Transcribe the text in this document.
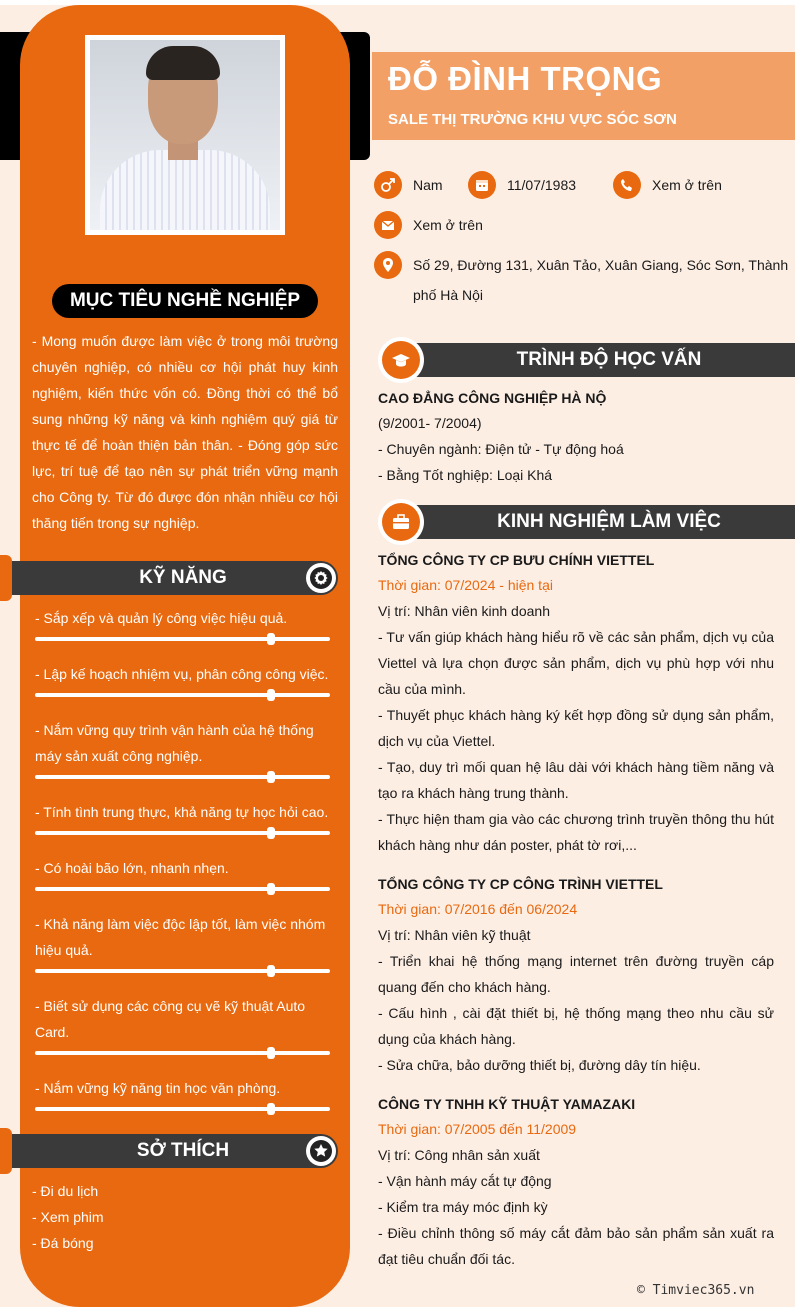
MỤC TIÊU NGHỀ NGHIỆP
- Mong muốn được làm việc ở trong môi trường chuyên nghiệp, có nhiều cơ hội phát huy kinh nghiệm, kiến thức vốn có. Đồng thời có thể bổ sung những kỹ năng và kinh nghiệm quý giá từ thực tế để hoàn thiện bản thân. - Đóng góp sức lực, trí tuệ để tạo nên sự phát triển vững mạnh cho Công ty. Từ đó được đón nhận nhiều cơ hội thăng tiến trong sự nghiệp.
KỸ NĂNG
- Sắp xếp và quản lý công việc hiệu quả.
- Lập kế hoạch nhiệm vụ, phân công công việc.
- Nắm vững quy trình vận hành của hệ thống máy sản xuất công nghiệp.
- Tính tình trung thực, khả năng tự học hỏi cao.
- Có hoài bão lớn, nhanh nhẹn.
- Khả năng làm việc độc lập tốt, làm việc nhóm hiệu quả.
- Biết sử dụng các công cụ vẽ kỹ thuật Auto Card.
- Nắm vững kỹ năng tin học văn phòng.
SỞ THÍCH
- Đi du lịch
- Xem phim
- Đá bóng
ĐỖ ĐÌNH TRỌNG
SALE THỊ TRƯỜNG KHU VỰC SÓC SƠN
Nam	11/07/1983	Xem ở trên
Xem ở trên
Số 29, Đường 131, Xuân Tảo, Xuân Giang, Sóc Sơn, Thành
phố Hà Nội
TRÌNH ĐỘ HỌC VẤN
CAO ĐẲNG CÔNG NGHIỆP HÀ NỘ
(9/2001- 7/2004)
- Chuyên ngành: Điện tử - Tự động hoá
- Bằng Tốt nghiệp: Loại Khá
KINH NGHIỆM LÀM VIỆC
TỔNG CÔNG TY CP BƯU CHÍNH VIETTEL
Thời gian: 07/2024 - hiện tại
Vị trí: Nhân viên kinh doanh

- Tư vấn giúp khách hàng hiểu rõ về các sản phẩm, dịch vụ của Viettel và lựa chọn được sản phẩm, dịch vụ phù hợp với nhu cầu của mình.

- Thuyết phục khách hàng ký kết hợp đồng sử dụng sản phẩm, dịch vụ của Viettel.

- Tạo, duy trì mối quan hệ lâu dài với khách hàng tiềm năng và tạo ra khách hàng trung thành.

- Thực hiện tham gia vào các chương trình truyền thông thu hút khách hàng như dán poster, phát tờ rơi,...

TỔNG CÔNG TY CP CÔNG TRÌNH VIETTEL
Thời gian: 07/2016 đến 06/2024
Vị trí: Nhân viên kỹ thuật

- Triển khai hệ thống mạng internet trên đường truyền cáp quang đến cho khách hàng.

- Cấu hình , cài đặt thiết bị, hệ thống mạng theo nhu cầu sử dụng của khách hàng.

- Sửa chữa, bảo dưỡng thiết bị, đường dây tín hiệu.

CÔNG TY TNHH KỸ THUẬT YAMAZAKI
Thời gian: 07/2005 đến 11/2009
Vị trí: Công nhân sản xuất

- Vận hành máy cắt tự động

- Kiểm tra máy móc định kỳ

- Điều chỉnh thông số máy cắt đảm bảo sản phẩm sản xuất ra đạt tiêu chuẩn đối tác.

© Timviec365.vn
